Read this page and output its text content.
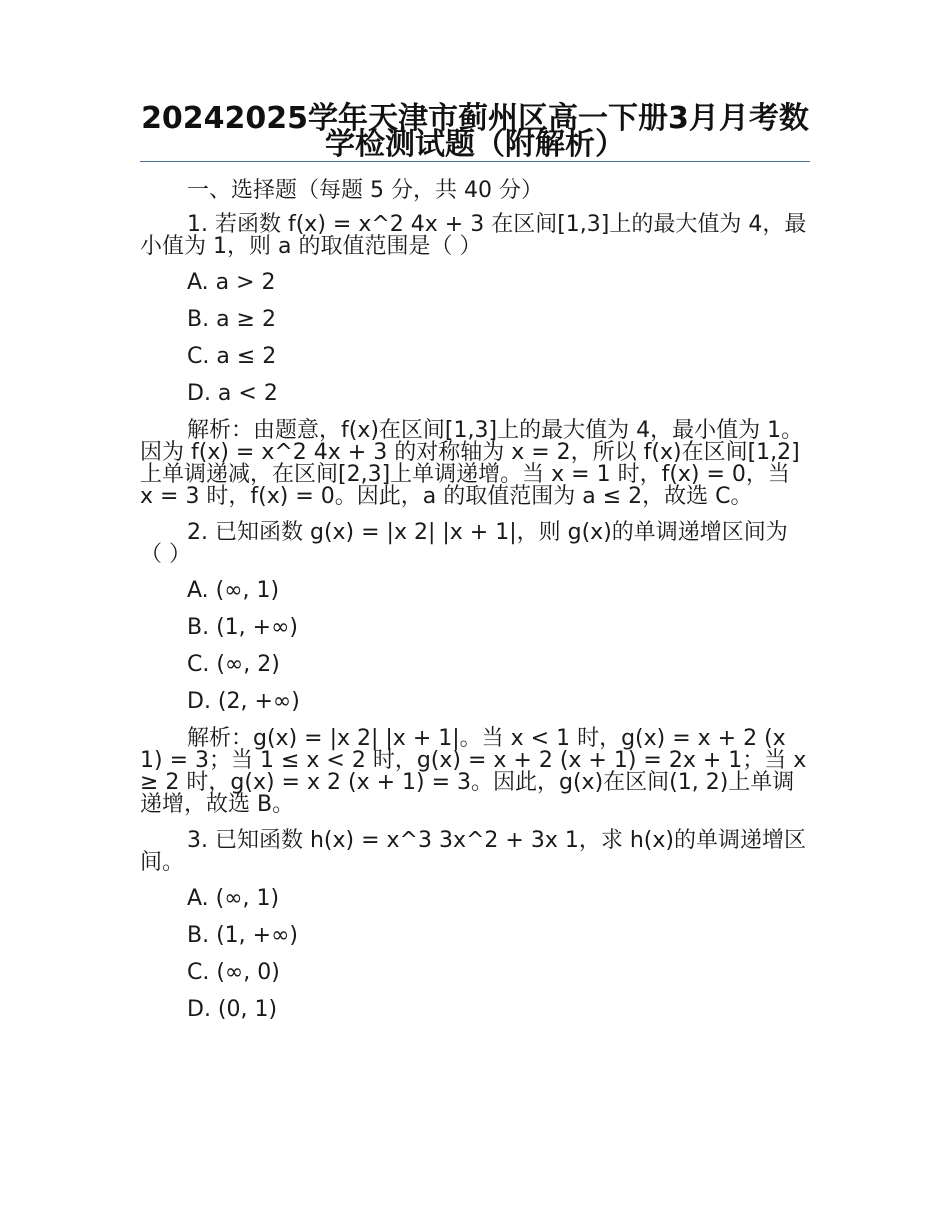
20242025学年天津市蓟州区高一下册3月月考数学检测试题（附解析）

一、选择题（每题 5 分，共 40 分）

1. 若函数 f(x) = x^2 4x + 3 在区间[1,3]上的最大值为 4，最小值为 1，则 a 的取值范围是（ ）

A. a > 2

B. a ≥ 2

C. a ≤ 2

D. a < 2

解析：由题意，f(x)在区间[1,3]上的最大值为 4，最小值为 1。因为 f(x) = x^2 4x + 3 的对称轴为 x = 2，所以 f(x)在区间[1,2]上单调递减，在区间[2,3]上单调递增。当 x = 1 时，f(x) = 0，当 x = 3 时，f(x) = 0。因此，a 的取值范围为 a ≤ 2，故选 C。

2. 已知函数 g(x) = |x 2| |x + 1|，则 g(x)的单调递增区间为（ ）

A. (∞, 1)

B. (1, +∞)

C. (∞, 2)

D. (2, +∞)

解析：g(x) = |x 2| |x + 1|。当 x < 1 时，g(x) = x + 2 (x 1) = 3；当 1 ≤ x < 2 时，g(x) = x + 2 (x + 1) = 2x + 1；当 x ≥ 2 时，g(x) = x 2 (x + 1) = 3。因此，g(x)在区间(1, 2)上单调递增，故选 B。

3. 已知函数 h(x) = x^3 3x^2 + 3x 1，求 h(x)的单调递增区间。

A. (∞, 1)

B. (1, +∞)

C. (∞, 0)

D. (0, 1)
